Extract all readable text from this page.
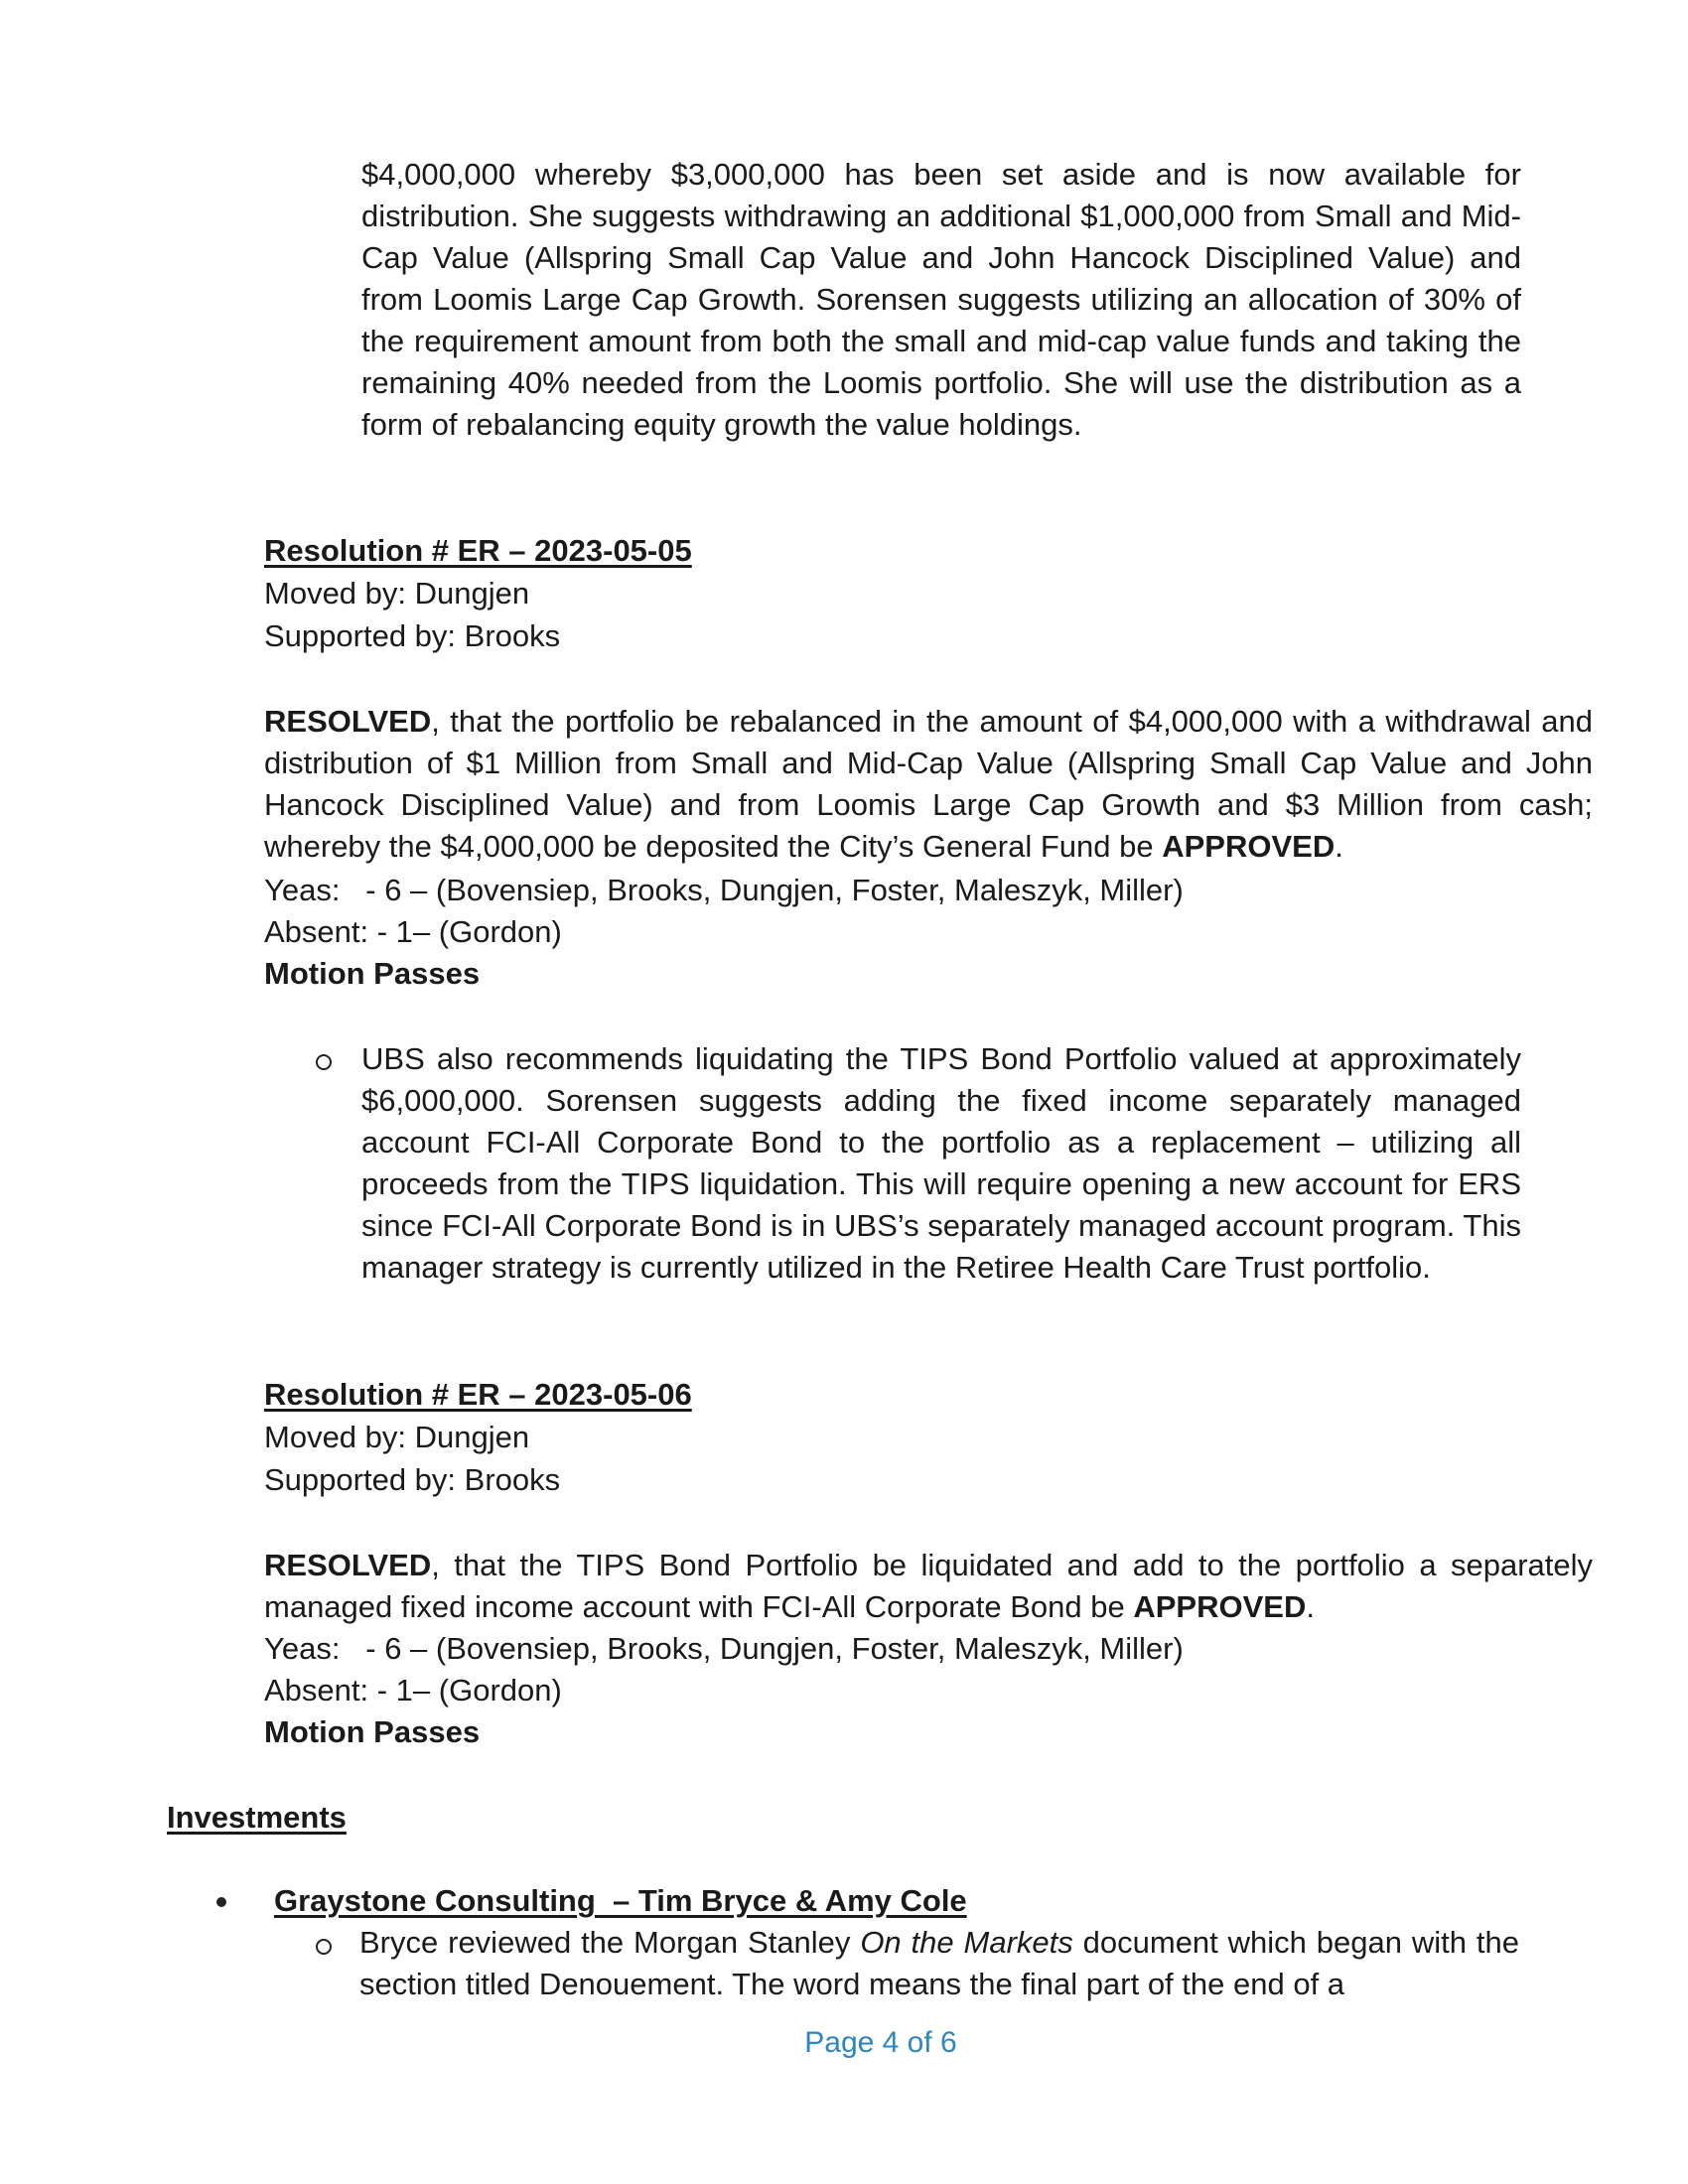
$4,000,000 whereby $3,000,000 has been set aside and is now available for distribution. She suggests withdrawing an additional $1,000,000 from Small and Mid-Cap Value (Allspring Small Cap Value and John Hancock Disciplined Value) and from Loomis Large Cap Growth. Sorensen suggests utilizing an allocation of 30% of the requirement amount from both the small and mid-cap value funds and taking the remaining 40% needed from the Loomis portfolio. She will use the distribution as a form of rebalancing equity growth the value holdings.

Resolution # ER – 2023-05-05
Moved by: Dungjen
Supported by: Brooks
RESOLVED, that the portfolio be rebalanced in the amount of $4,000,000 with a withdrawal and distribution of $1 Million from Small and Mid-Cap Value (Allspring Small Cap Value and John Hancock Disciplined Value) and from Loomis Large Cap Growth and $3 Million from cash; whereby the $4,000,000 be deposited the City’s General Fund be APPROVED.
Yeas:   - 6 – (Bovensiep, Brooks, Dungjen, Foster, Maleszyk, Miller)
Absent: - 1– (Gordon)
Motion Passes

UBS also recommends liquidating the TIPS Bond Portfolio valued at approximately $6,000,000. Sorensen suggests adding the fixed income separately managed account FCI-All Corporate Bond to the portfolio as a replacement – utilizing all proceeds from the TIPS liquidation. This will require opening a new account for ERS since FCI-All Corporate Bond is in UBS’s separately managed account program. This manager strategy is currently utilized in the Retiree Health Care Trust portfolio.

Resolution # ER – 2023-05-06
Moved by: Dungjen
Supported by: Brooks
RESOLVED, that the TIPS Bond Portfolio be liquidated and add to the portfolio a separately managed fixed income account with FCI-All Corporate Bond be APPROVED.
Yeas:   - 6 – (Bovensiep, Brooks, Dungjen, Foster, Maleszyk, Miller)
Absent: - 1– (Gordon)
Motion Passes
Investments
Graystone Consulting  – Tim Bryce & Amy Cole
Bryce reviewed the Morgan Stanley On the Markets document which began with the section titled Denouement. The word means the final part of the end of a
Page 4 of 6
